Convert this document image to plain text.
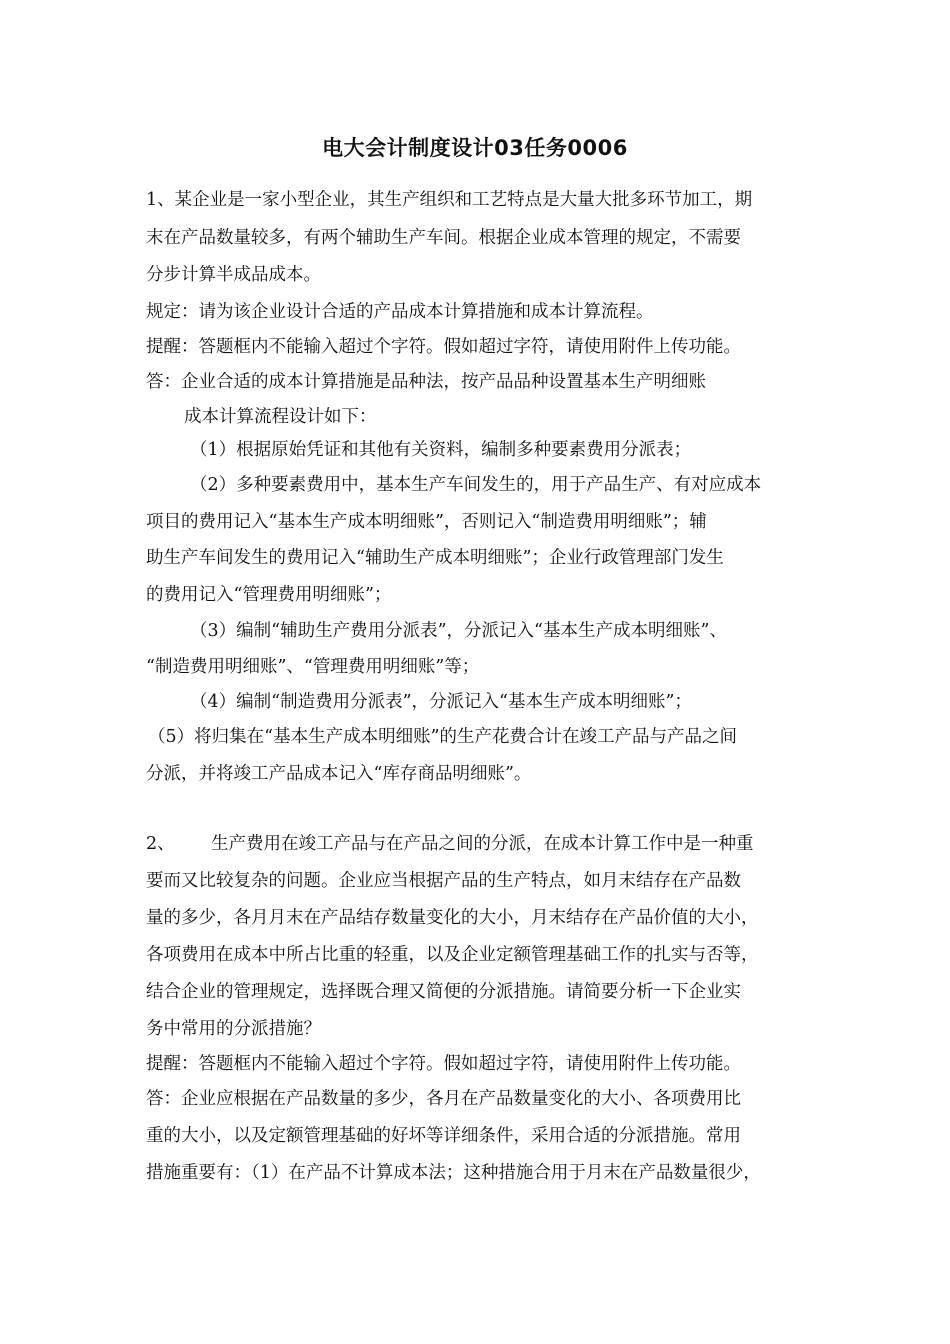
电大会计制度设计03任务0006
1、某企业是一家小型企业，其生产组织和工艺特点是大量大批多环节加工，期
末在产品数量较多，有两个辅助生产车间。根据企业成本管理的规定，不需要
分步计算半成品成本。
规定：请为该企业设计合适的产品成本计算措施和成本计算流程。
提醒：答题框内不能输入超过个字符。假如超过字符，请使用附件上传功能。
答：企业合适的成本计算措施是品种法，按产品品种设置基本生产明细账
成本计算流程设计如下：
（1）根据原始凭证和其他有关资料，编制多种要素费用分派表；
（2）多种要素费用中，基本生产车间发生的，用于产品生产、有对应成本
项目的费用记入“基本生产成本明细账”，否则记入“制造费用明细账”；辅
助生产车间发生的费用记入“辅助生产成本明细账”；企业行政管理部门发生
的费用记入“管理费用明细账”；
（3）编制“辅助生产费用分派表”，分派记入“基本生产成本明细账”、
“制造费用明细账”、“管理费用明细账”等；
（4）编制“制造费用分派表”，分派记入“基本生产成本明细账”；
（5）将归集在“基本生产成本明细账”的生产花费合计在竣工产品与产品之间
分派，并将竣工产品成本记入“库存商品明细账”。
2、 生产费用在竣工产品与在产品之间的分派，在成本计算工作中是一种重
要而又比较复杂的问题。企业应当根据产品的生产特点，如月末结存在产品数
量的多少，各月月末在产品结存数量变化的大小，月末结存在产品价值的大小，
各项费用在成本中所占比重的轻重，以及企业定额管理基础工作的扎实与否等，
结合企业的管理规定，选择既合理又简便的分派措施。请简要分析一下企业实
务中常用的分派措施？
提醒：答题框内不能输入超过个字符。假如超过字符，请使用附件上传功能。
答：企业应根据在产品数量的多少，各月在产品数量变化的大小、各项费用比
重的大小，以及定额管理基础的好坏等详细条件，采用合适的分派措施。常用
措施重要有：（1）在产品不计算成本法；这种措施合用于月末在产品数量很少，
